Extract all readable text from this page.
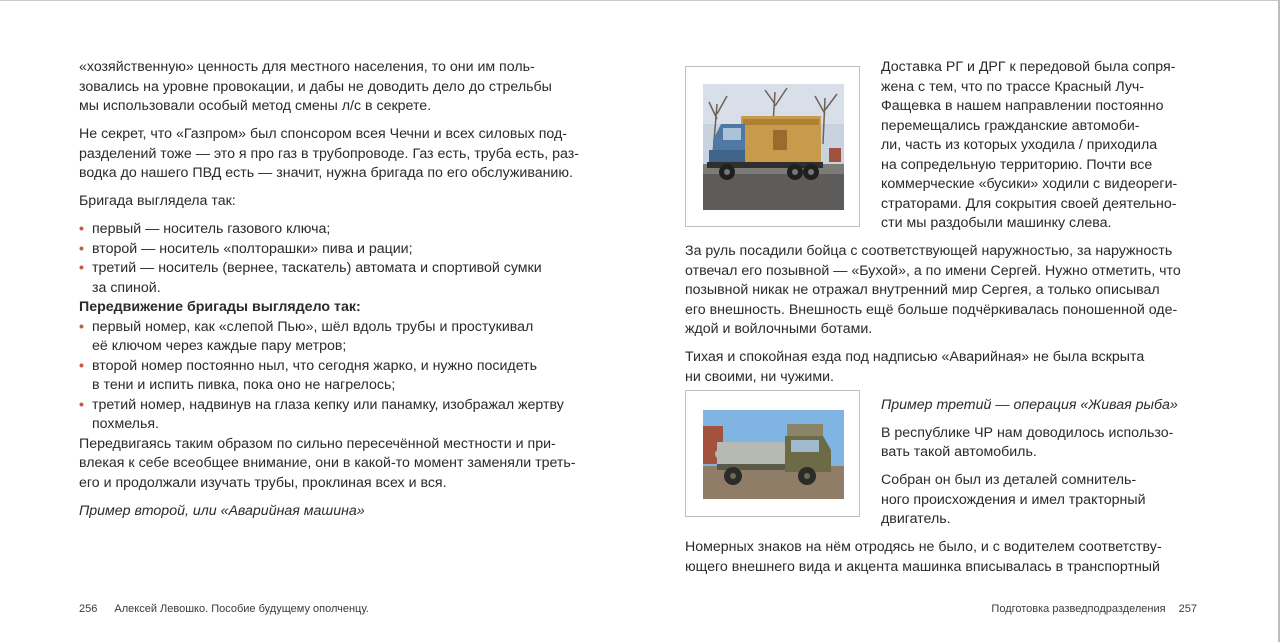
«хозяйственную» ценность для местного населения, то они им поль-
зовались на уровне провокации, и дабы не доводить дело до стрельбы
мы использовали особый метод смены л/с в секрете.

Не секрет, что «Газпром» был спонсором всея Чечни и всех силовых под-
разделений тоже — это я про газ в трубопроводе. Газ есть, труба есть, раз-
водка до нашего ПВД есть — значит, нужна бригада по его обслуживанию.

Бригада выглядела так:

• первый — носитель газового ключа;
• второй — носитель «полторашки» пива и рации;
• третий — носитель (вернее, таскатель) автомата и спортивой сумки
за спиной.

Передвижение бригады выглядело так:

• первый номер, как «слепой Пью», шёл вдоль трубы и простукивал
её ключом через каждые пару метров;
• второй номер постоянно ныл, что сегодня жарко, и нужно посидеть
в тени и испить пивка, пока оно не нагрелось;
• третий номер, надвинув на глаза кепку или панамку, изображал жертву
похмелья.

Передвигаясь таким образом по сильно пересечённой местности и при-
влекая к себе всеобщее внимание, они в какой-то момент заменяли треть-
его и продолжали изучать трубы, проклиная всех и вся.

Пример второй, или «Аварийная машина»

Доставка РГ и ДРГ к передовой была сопря-
жена с тем, что по трассе Красный Луч-
Фащевка в нашем направлении постоянно
перемещались гражданские автомоби-
ли, часть из которых уходила / приходила
на сопредельную территорию. Почти все
коммерческие «бусики» ходили с видеореги-
страторами. Для сокрытия своей деятельно-
сти мы раздобыли машинку слева.

За руль посадили бойца с соответствующей наружностью, за наружность
отвечал его позывной — «Бухой», а по имени Сергей. Нужно отметить, что
позывной никак не отражал внутренний мир Сергея, а только описывал
его внешность. Внешность ещё больше подчёркивалась поношенной оде-
ждой и войлочными ботами.

Тихая и спокойная езда под надписью «Аварийная» не была вскрыта
ни своими, ни чужими.

Пример третий — операция «Живая рыба»

В республике ЧР нам доводилось использо-
вать такой автомобиль.

Собран он был из деталей сомнитель-
ного происхождения и имел тракторный
двигатель.

Номерных знаков на нём отродясь не было, и с водителем соответству-
ющего внешнего вида и акцента машинка вписывалась в транспортный

256 Алексей Левошко. Пособие будущему ополченцу.	Подготовка разведподразделения 257
